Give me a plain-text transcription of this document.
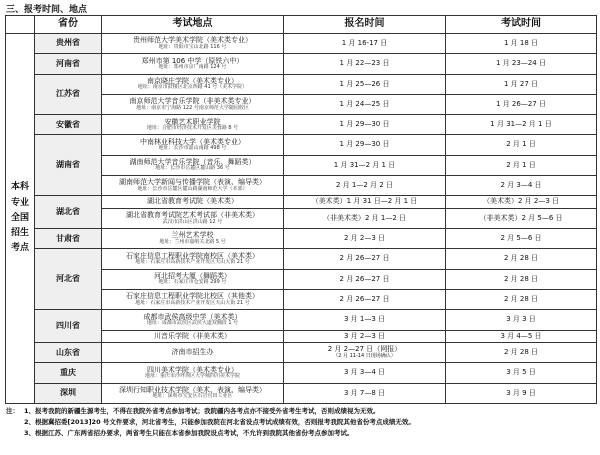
三、报考时间、地点
	省份	考试地点	报名时间	考试时间
本科专业全国招生考点	贵州省	贵州师范大学美术学院（美术类专业）
地址：贵阳市宝山北路 116 号	1 月 16-17 日	1 月 18 日
	河南省	郑州市第 106 中学（原铁六中）
地址：郑州市京广南路 124 号	1 月 22—23 日	1 月 23—24 日
	江苏省	南京晓庄学院（美术类专业）
地址：南京市鼓楼区北京西路 41 号（美术学院）	1 月 25—26 日	1 月 27 日

		南京师范大学音乐学院（非美术类专业）
地址：南京市宁海路 122 号南京师范大学随园校区	1 月 24—25 日	1 月 26—27 日
	安徽省	安徽艺术职业学院
地址：合肥市经济技术开发区芙蓉路 8 号	1 月 29—30 日	1 月 31—2 月 1 日
	湖南省	中南林业科技大学（美术类专业）
地址：长沙市韶山南路 498 号	1 月 29—30 日	2 月 1 日

		湖南师范大学音乐学院（音乐、舞蹈类）
地址：长沙市岳麓区麓山路 36 号	1 月 31—2 月 1 日	2 月 1 日

		湖南师范大学新闻与传播学院（表演、编导类）
地址：长沙市岳麓区麓山路湖南师范大学（本部）	2 月 1—2 月 2 日	2 月 3—4 日
	湖北省	湖北省教育考试院（美术类）	（美术类）1 月 31 日—2 月 1 日	（美术类）2 月 2—3 日

		湖北省教育考试院艺术考试部（非美术类）
武汉市洪山区洪山路 12 号	（非美术类）2 月 1—2 日	（非美术类）2 月 5—6 日
	甘肃省	兰州艺术学校
地址：兰州市嘉峪关北路 5 号	2 月 2—3 日	2 月 5—6 日
	河北省	石家庄信息工程职业学院南校区（美术类）
地址：石家庄市高新技术产业开发区天山大街 21 号	2 月 26—27 日	2 月 28 日

		河北招考大厦（舞蹈类）
地址：石家庄市仓安路 299 号	2 月 26—27 日	2 月 28 日

		石家庄信息工程职业学院北校区（其他类）
地址：石家庄市高新技术产业开发区天山大街 21 号	2 月 26—27 日	2 月 28 日
	四川省	成都市武侯高级中学（美术类）
地址：成都市武侯区武侯大道双楠段 1 号	3 月 1—3 日	3 月 3 日

		川音乐学院（非美术类）	3 月 2—3 日	3 月 4—5 日
	山东省	济南市招生办	2 月 2—27 日（网报）
（2 月 11-14 日现场确认）	2 月 28 日
	重庆	四川美术学院（美术类专业）
地址：重庆市沙坪坝区大学城四川美术学院	3 月 3—4 日	3 月 5 日
	深圳	深圳行知职业技术学院（美术、表演、编导类）
地址：深圳市宝安区石岩官田工业区	3 月 7—8 日	3 月 9 日
注： 1、报考我院的新疆生源考生，不得在我院外省考点参加考试；我院疆内各考点亦不接受外省考生考试，否则成绩视为无效。
2、根据冀招委[2013]20 号文件要求，河北省考生，只能参加我院在河北省设点考试成绩有效，否则报考我院其他省份考点成绩无效。
3、根据江苏、广东两省招办要求，两省考生只能在本省参加我院设点考试，不允许到我院其他省份考点参加考试。
